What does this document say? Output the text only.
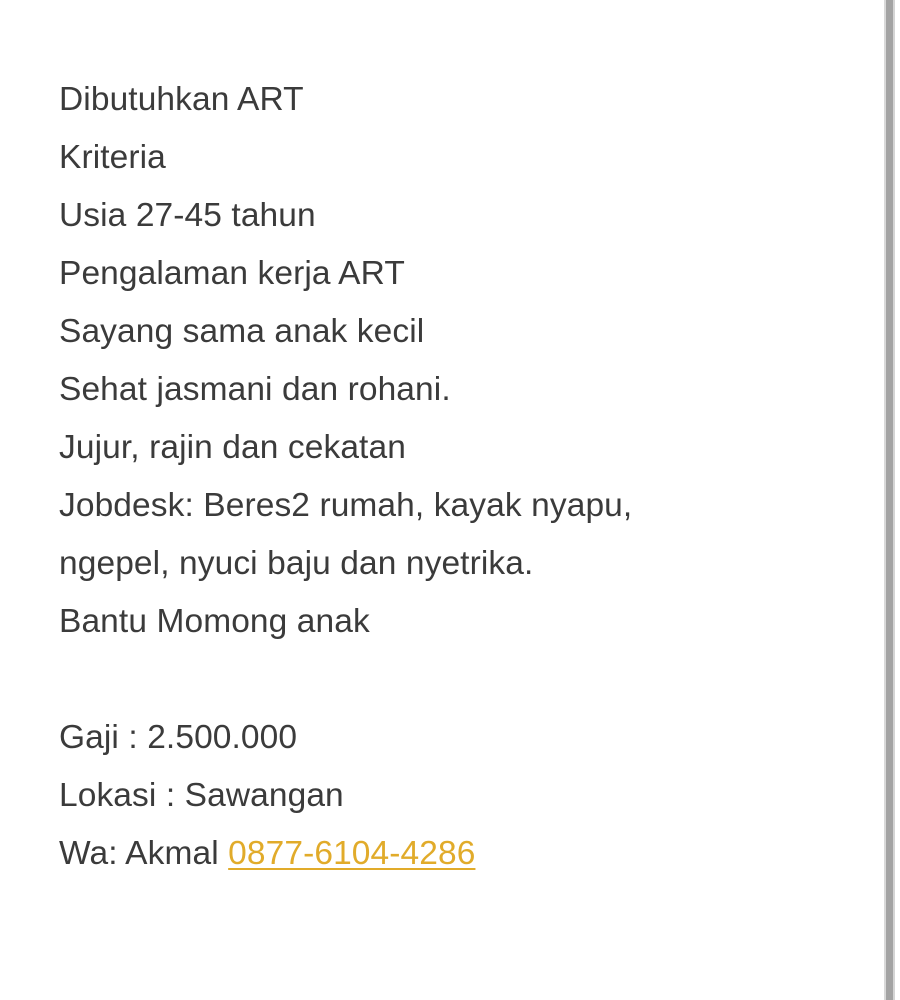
Dibutuhkan ART
Kriteria
Usia 27-45 tahun
Pengalaman kerja ART
Sayang sama anak kecil
Sehat jasmani dan rohani.
Jujur, rajin dan cekatan
Jobdesk: Beres2 rumah, kayak nyapu,
ngepel, nyuci baju dan nyetrika.
Bantu Momong anak
Gaji : 2.500.000
Lokasi : Sawangan
Wa: Akmal 0877-6104-4286
